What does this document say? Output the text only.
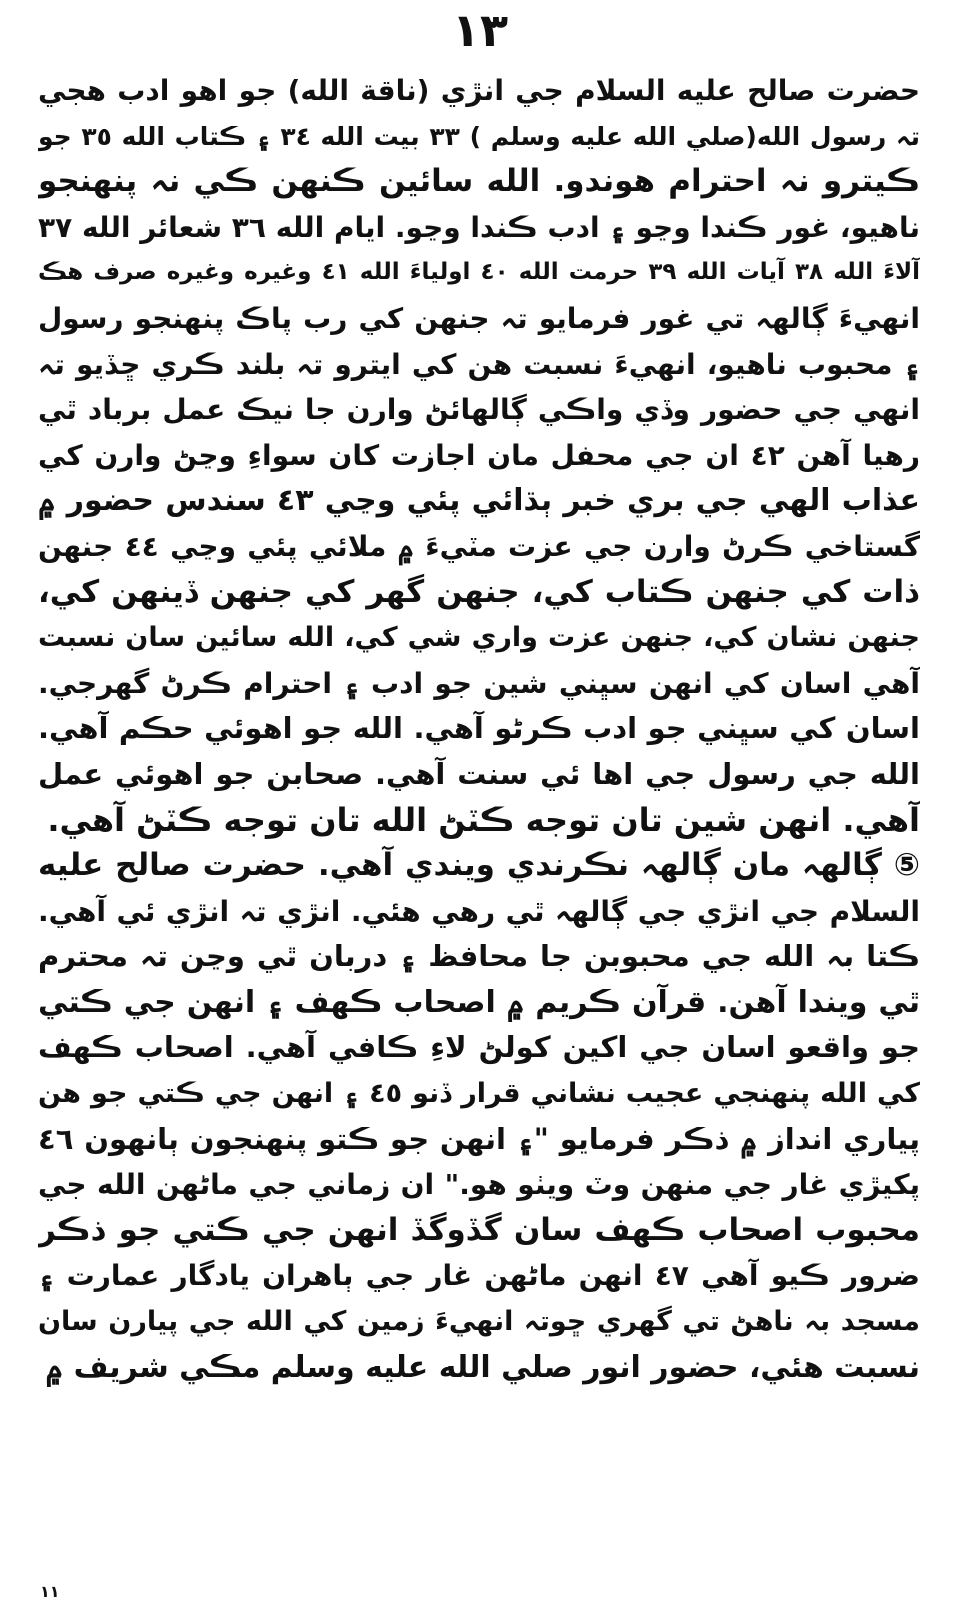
١٣
حضرت صالح عليه السلام جي انڙي (ناقة الله) جو اهو ادب هجي
تہ رسول الله(صلي الله عليه وسلم ) ٣٣ بيت الله ٣٤ ۽ ڪتاب الله ٣٥ جو
ڪيترو نہ احترام هوندو. الله سائين ڪنهن ڪي نہ پنهنجو
ناهيو، غور ڪندا وڃو ۽ ادب ڪندا وڃو. ايام الله ٣٦ شعائر الله ٣٧
آلاءَ الله ٣٨ آيات الله ٣٩ حرمت الله ٤٠ اولياءَ الله ٤١ وغيره وغيره صرف هڪ
انهيءَ ڳالهہ تي غور فرمايو تہ جنهن کي رب پاڪ پنهنجو رسول
۽ محبوب ناهيو، انهيءَ نسبت هن کي ايترو تہ بلند ڪري ڇڏيو تہ
انهي جي حضور وڏي واڪي ڳالهائڻ وارن جا نيڪ عمل برباد ٿي
رهيا آهن ٤٢ ان جي محفل مان اجازت کان سواءِ وڃڻ وارن کي
عذاب الهي جي بري خبر ٻڌائي پئي وڃي ٤٣ سندس حضور ۾
گستاخي ڪرڻ وارن جي عزت مٽيءَ ۾ ملائي پئي وڃي ٤٤ جنهن
ذات کي جنهن ڪتاب کي، جنهن گهر کي جنهن ڏينهن کي،
جنهن نشان کي، جنهن عزت واري شي کي، الله سائين سان نسبت
آهي اسان کي انهن سڀني شين جو ادب ۽ احترام ڪرڻ گهرجي.
اسان کي سڀني جو ادب ڪرڻو آهي. الله جو اهوئي حڪم آهي.
الله جي رسول جي اها ئي سنت آهي. صحابن جو اهوئي عمل
آهي. انهن شين تان توجه ڪٽڻ الله تان توجه ڪٽڻ آهي.
⑤ ڳالهہ مان ڳالهہ نڪرندي ويندي آهي. حضرت صالح عليه
السلام جي انڙي جي ڳالهہ ٿي رهي هئي. انڙي تہ انڙي ئي آهي.
ڪتا بہ الله جي محبوبن جا محافظ ۽ دربان ٿي وڃن تہ محترم
ٿي ويندا آهن. قرآن ڪريم ۾ اصحاب ڪهف ۽ انهن جي ڪتي
جو واقعو اسان جي اکين کولڻ لاءِ ڪافي آهي. اصحاب ڪهف
کي الله پنهنجي عجيب نشاني قرار ڏنو ٤٥ ۽ انهن جي ڪتي جو هن
پياري انداز ۾ ذڪر فرمايو "۽ انهن جو ڪتو پنهنجون ٻانهون ٤٦
پکيڙي غار جي منهن وٽ ويٺو هو." ان زماني جي ماڻهن الله جي
محبوب اصحاب ڪهف سان گڏوگڏ انهن جي ڪتي جو ذڪر
ضرور ڪيو آهي ٤٧ انهن ماڻهن غار جي ٻاهران يادگار عمارت ۽
مسجد بہ ناهڻ تي گهري ڇوتہ انهيءَ زمين کي الله جي پيارن سان
نسبت هئي، حضور انور صلي الله عليه وسلم مڪي شريف ۾
١١
